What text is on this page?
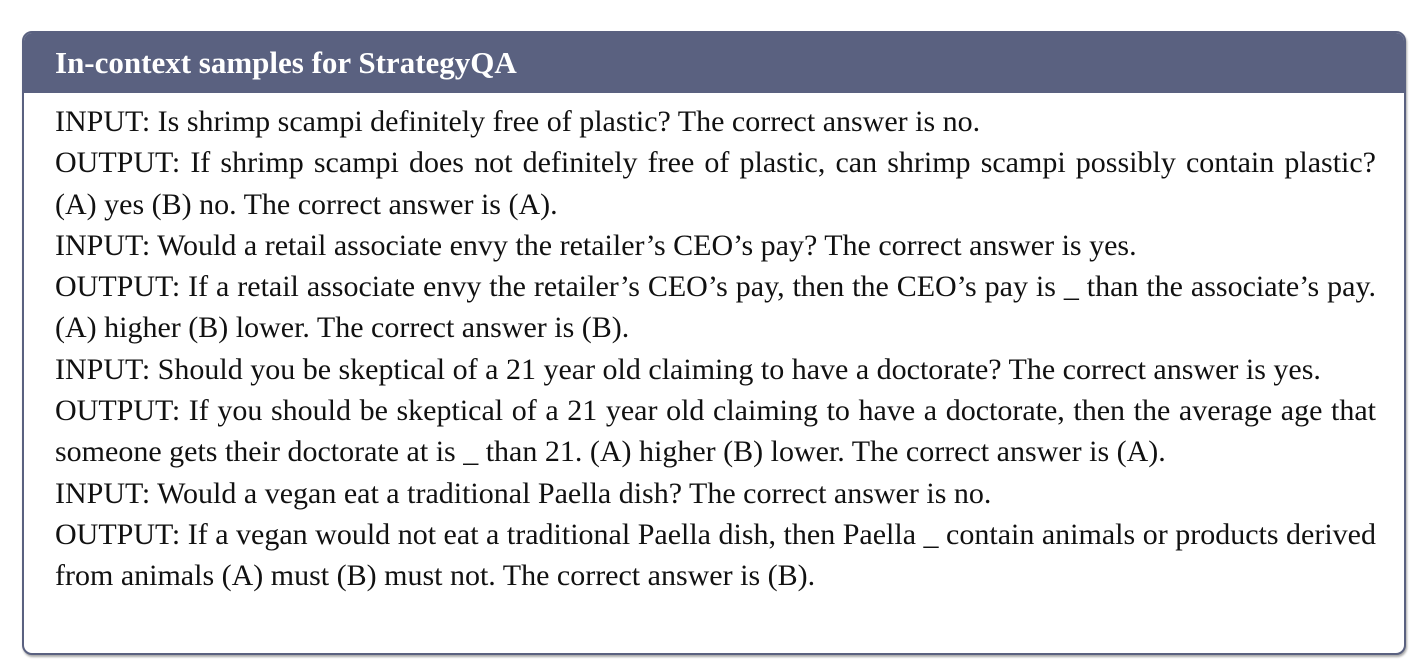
In-context samples for StrategyQA

INPUT: Is shrimp scampi definitely free of plastic? The correct answer is no.

OUTPUT: If shrimp scampi does not definitely free of plastic, can shrimp scampi possibly contain plastic? (A) yes (B) no. The correct answer is (A).

INPUT: Would a retail associate envy the retailer’s CEO’s pay? The correct answer is yes.

OUTPUT: If a retail associate envy the retailer’s CEO’s pay, then the CEO’s pay is _ than the associate’s pay. (A) higher (B) lower. The correct answer is (B).

INPUT: Should you be skeptical of a 21 year old claiming to have a doctorate? The correct answer is yes.

OUTPUT: If you should be skeptical of a 21 year old claiming to have a doctorate, then the average age that someone gets their doctorate at is _ than 21. (A) higher (B) lower. The correct answer is (A).

INPUT: Would a vegan eat a traditional Paella dish? The correct answer is no.

OUTPUT: If a vegan would not eat a traditional Paella dish, then Paella _ contain animals or products derived from animals (A) must (B) must not. The correct answer is (B).
